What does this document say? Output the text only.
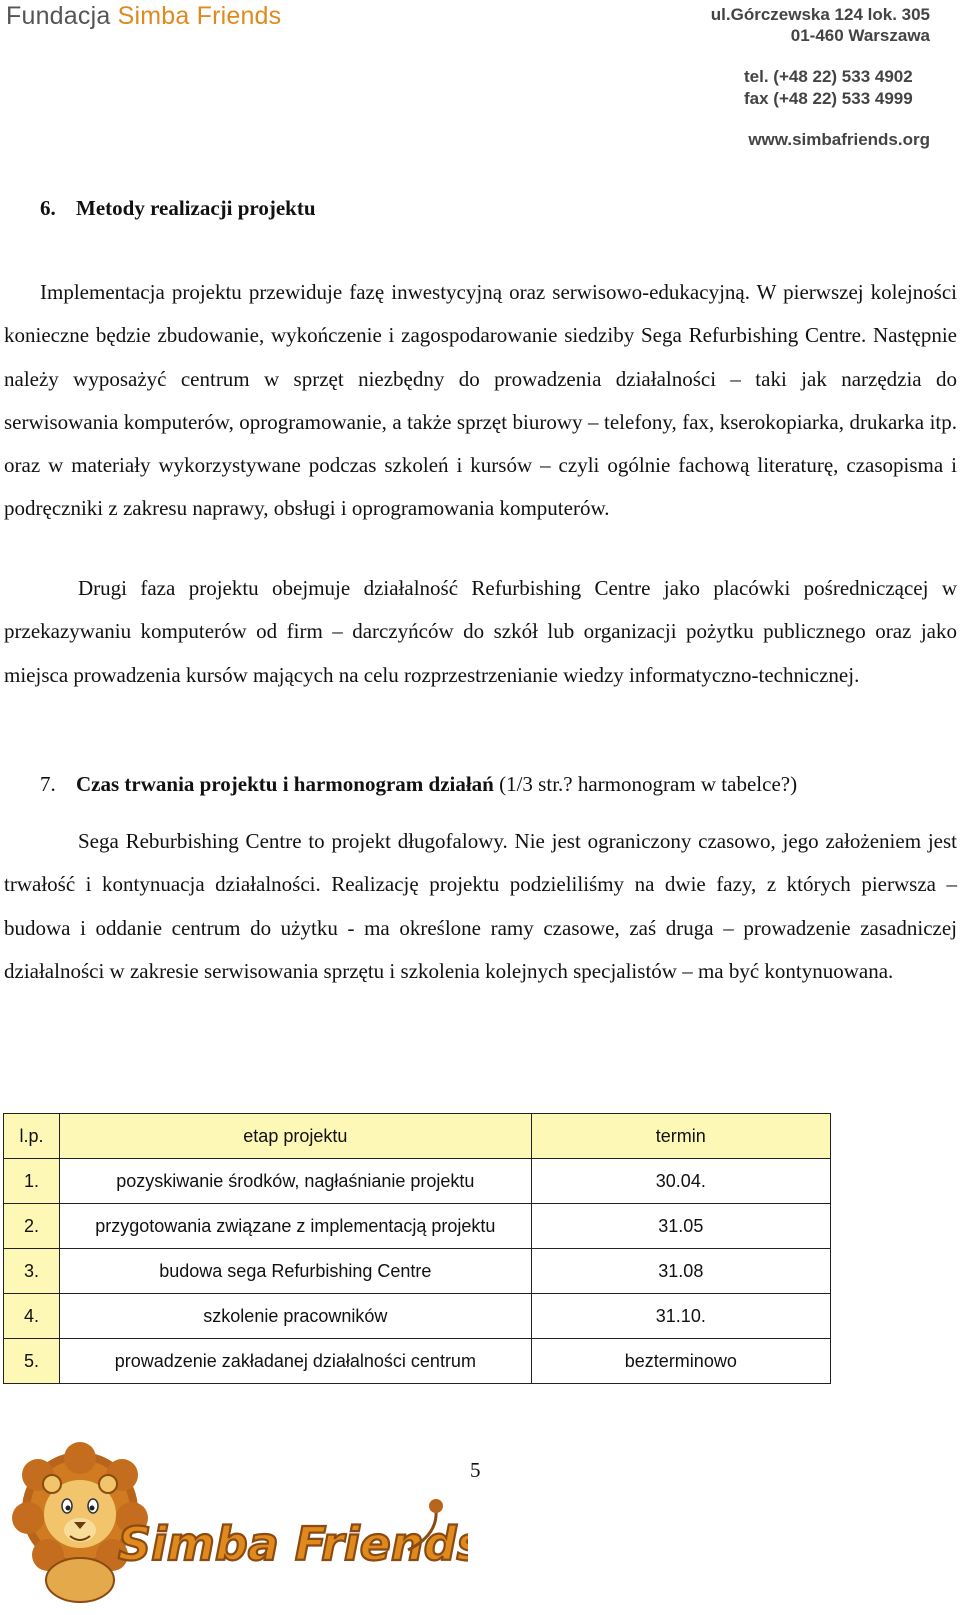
Fundacja Simba Friends	ul.Górczewska 124 lok. 305
01-460 Warszawa
tel. (+48 22) 533 4902
fax (+48 22) 533 4999
www.simbafriends.org
6. Metody realizacji projektu

Implementacja projektu przewiduje fazę inwestycyjną oraz serwisowo-edukacyjną. W pierwszej kolejności konieczne będzie zbudowanie, wykończenie i zagospodarowanie siedziby Sega Refurbishing Centre. Następnie należy wyposażyć centrum w sprzęt niezbędny do prowadzenia działalności – taki jak narzędzia do serwisowania komputerów, oprogramowanie, a także sprzęt biurowy – telefony, fax, kserokopiarka, drukarka itp. oraz w materiały wykorzystywane podczas szkoleń i kursów – czyli ogólnie fachową literaturę, czasopisma i podręczniki z zakresu naprawy, obsługi i oprogramowania komputerów.

Drugi faza projektu obejmuje działalność Refurbishing Centre jako placówki pośredniczącej w przekazywaniu komputerów od firm – darczyńców do szkół lub organizacji pożytku publicznego oraz jako miejsca prowadzenia kursów mających na celu rozprzestrzenianie wiedzy informatyczno-technicznej.

7. Czas trwania projektu i harmonogram działań (1/3 str.? harmonogram w tabelce?)

Sega Reburbishing Centre to projekt długofalowy. Nie jest ograniczony czasowo, jego założeniem jest trwałość i kontynuacja działalności. Realizację projektu podzieliliśmy na dwie fazy, z których pierwsza – budowa i oddanie centrum do użytku - ma określone ramy czasowe, zaś druga – prowadzenie zasadniczej działalności w zakresie serwisowania sprzętu i szkolenia kolejnych specjalistów – ma być kontynuowana.

l.p.	etap projektu	termin
1.	pozyskiwanie środków, nagłaśnianie projektu	30.04.
2.	przygotowania związane z implementacją projektu	31.05
3.	budowa sega Refurbishing Centre	31.08
4.	szkolenie pracowników	31.10.
5.	prowadzenie zakładanej działalności centrum	bezterminowo
5
Simba Friends
